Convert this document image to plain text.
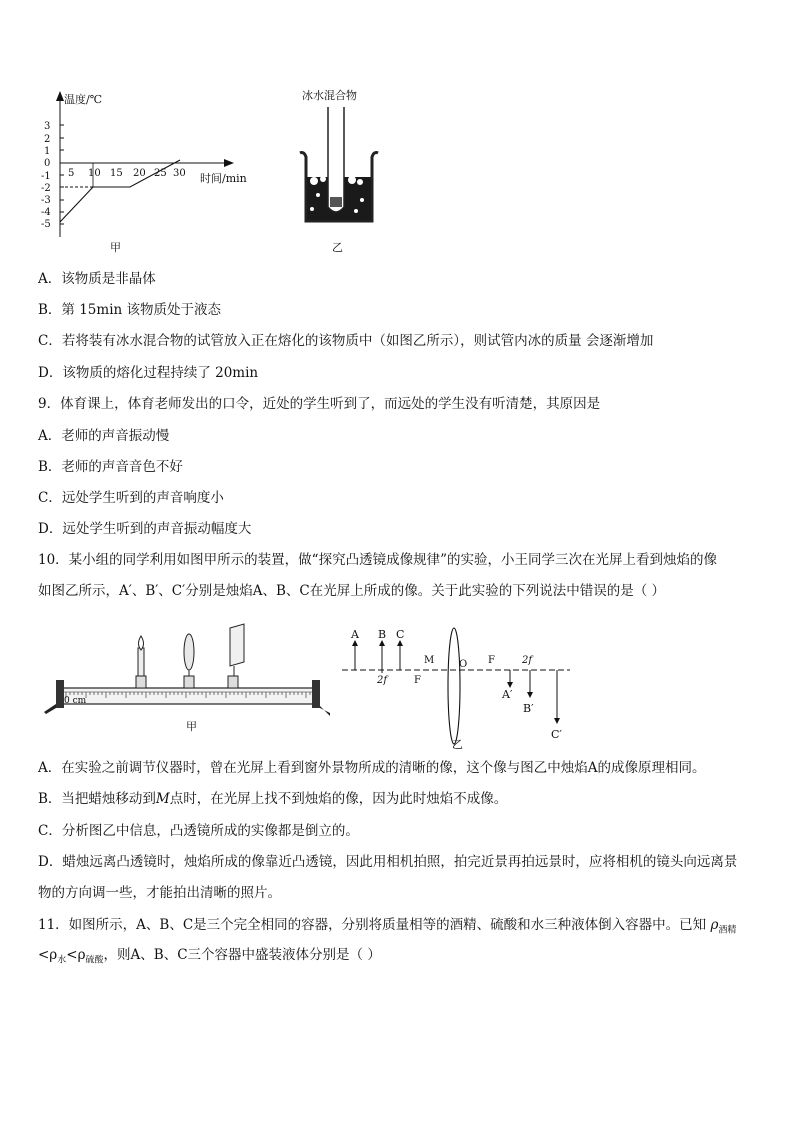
温度/℃
3
2
1
0
-1
-2
-3
-4
-5
5 10 15 20 25 30 时间/min
甲
冰水混合物
乙
A．该物质是非晶体
B．第 15min 该物质处于液态
C．若将装有冰水混合物的试管放入正在熔化的该物质中（如图乙所示），则试管内冰的质量 会逐渐增加
D．该物质的熔化过程持续了 20min
9．体育课上，体育老师发出的口令，近处的学生听到了，而远处的学生没有听清楚，其原因是
A．老师的声音振动慢
B．老师的声音音色不好
C．远处学生听到的声音响度小
D．远处学生听到的声音振动幅度大
10．某小组的同学利用如图甲所示的装置，做“探究凸透镜成像规律”的实验，小王同学三次在光屏上看到烛焰的像
如图乙所示，A′、B′、C′分别是烛焰A、B、C在光屏上所成的像。关于此实验的下列说法中错误的是（ ）
0 cm
甲
A B C
2f	F
M O F	2f
A′
B′
C′
乙
A．在实验之前调节仪器时，曾在光屏上看到窗外景物所成的清晰的像，这个像与图乙中烛焰A的成像原理相同。
B．当把蜡烛移动到M点时，在光屏上找不到烛焰的像，因为此时烛焰不成像。
C．分析图乙中信息，凸透镜所成的实像都是倒立的。
D．蜡烛远离凸透镜时，烛焰所成的像靠近凸透镜，因此用相机拍照，拍完近景再拍远景时，应将相机的镜头向远离景
物的方向调一些，才能拍出清晰的照片。
11．如图所示，A、B、C是三个完全相同的容器，分别将质量相等的酒精、硫酸和水三种液体倒入容器中。已知 $\rho_{酒精}$
$<\rho_水<\rho_{硫酸}$，则A、B、C三个容器中盛装液体分别是（ ）
